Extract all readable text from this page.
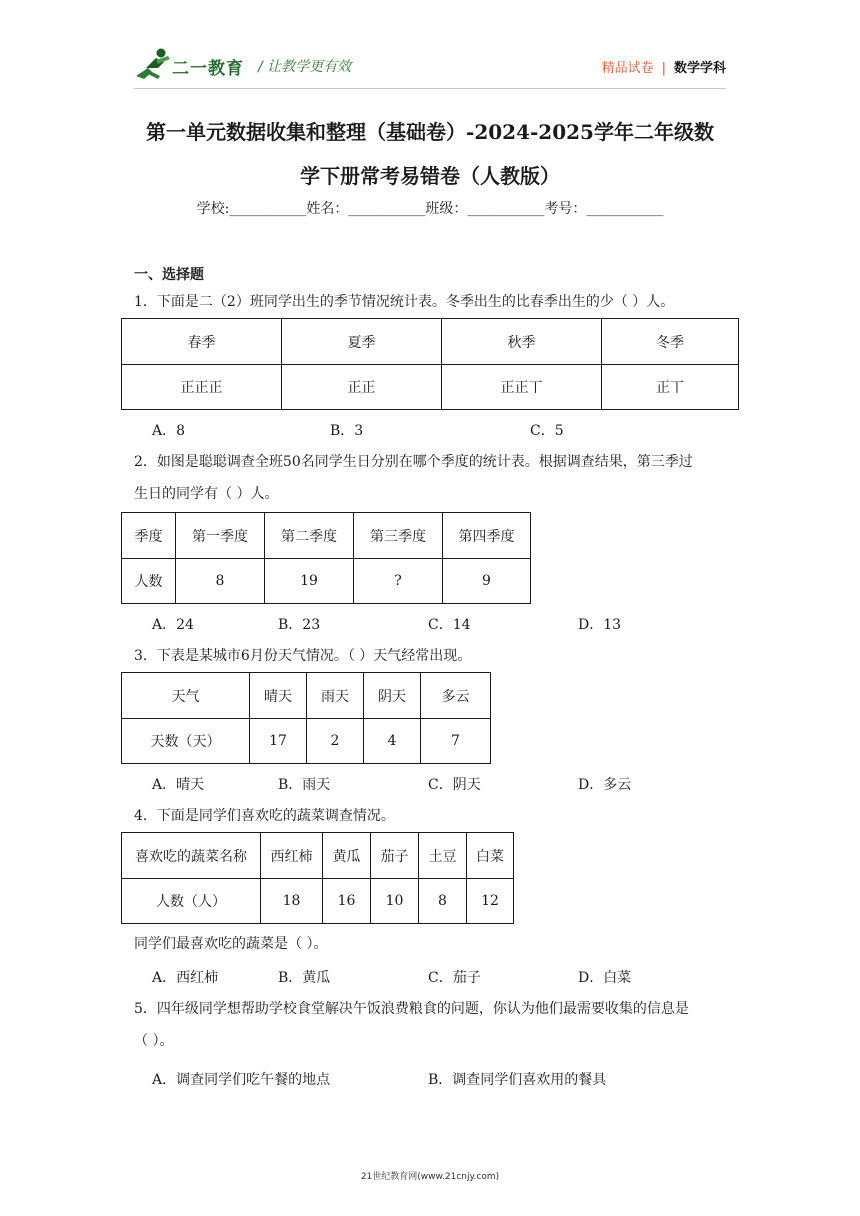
二一教育 / 让教学更有效	精品试卷 | 数学学科
第一单元数据收集和整理（基础卷）-2024-2025学年二年级数
学下册常考易错卷（人教版）
学校:___________姓名：___________班级：___________考号：___________
一、选择题
1．下面是二（2）班同学出生的季节情况统计表。冬季出生的比春季出生的少（ ）人。
春季	夏季	秋季	冬季
正正正	正正	正正丅	正丅
A．8	B．3	C．5
2．如图是聪聪调查全班50名同学生日分别在哪个季度的统计表。根据调查结果，第三季过
生日的同学有（ ）人。
季度	第一季度	第二季度	第三季度	第四季度
人数	8	19	?	9
A．24	B．23	C．14	D．13
3．下表是某城市6月份天气情况。（ ）天气经常出现。
天气	晴天	雨天	阴天	多云
天数（天）	17	2	4	7
A．晴天	B．雨天	C．阴天	D．多云
4．下面是同学们喜欢吃的蔬菜调查情况。
喜欢吃的蔬菜名称	西红柿	黄瓜	茄子	土豆	白菜
人数（人）	18	16	10	8	12
同学们最喜欢吃的蔬菜是（ ）。
A．西红柿	B．黄瓜	C．茄子	D．白菜
5．四年级同学想帮助学校食堂解决午饭浪费粮食的问题，你认为他们最需要收集的信息是
（ ）。
A．调查同学们吃午餐的地点	B．调查同学们喜欢用的餐具
21世纪教育网(www.21cnjy.com)
